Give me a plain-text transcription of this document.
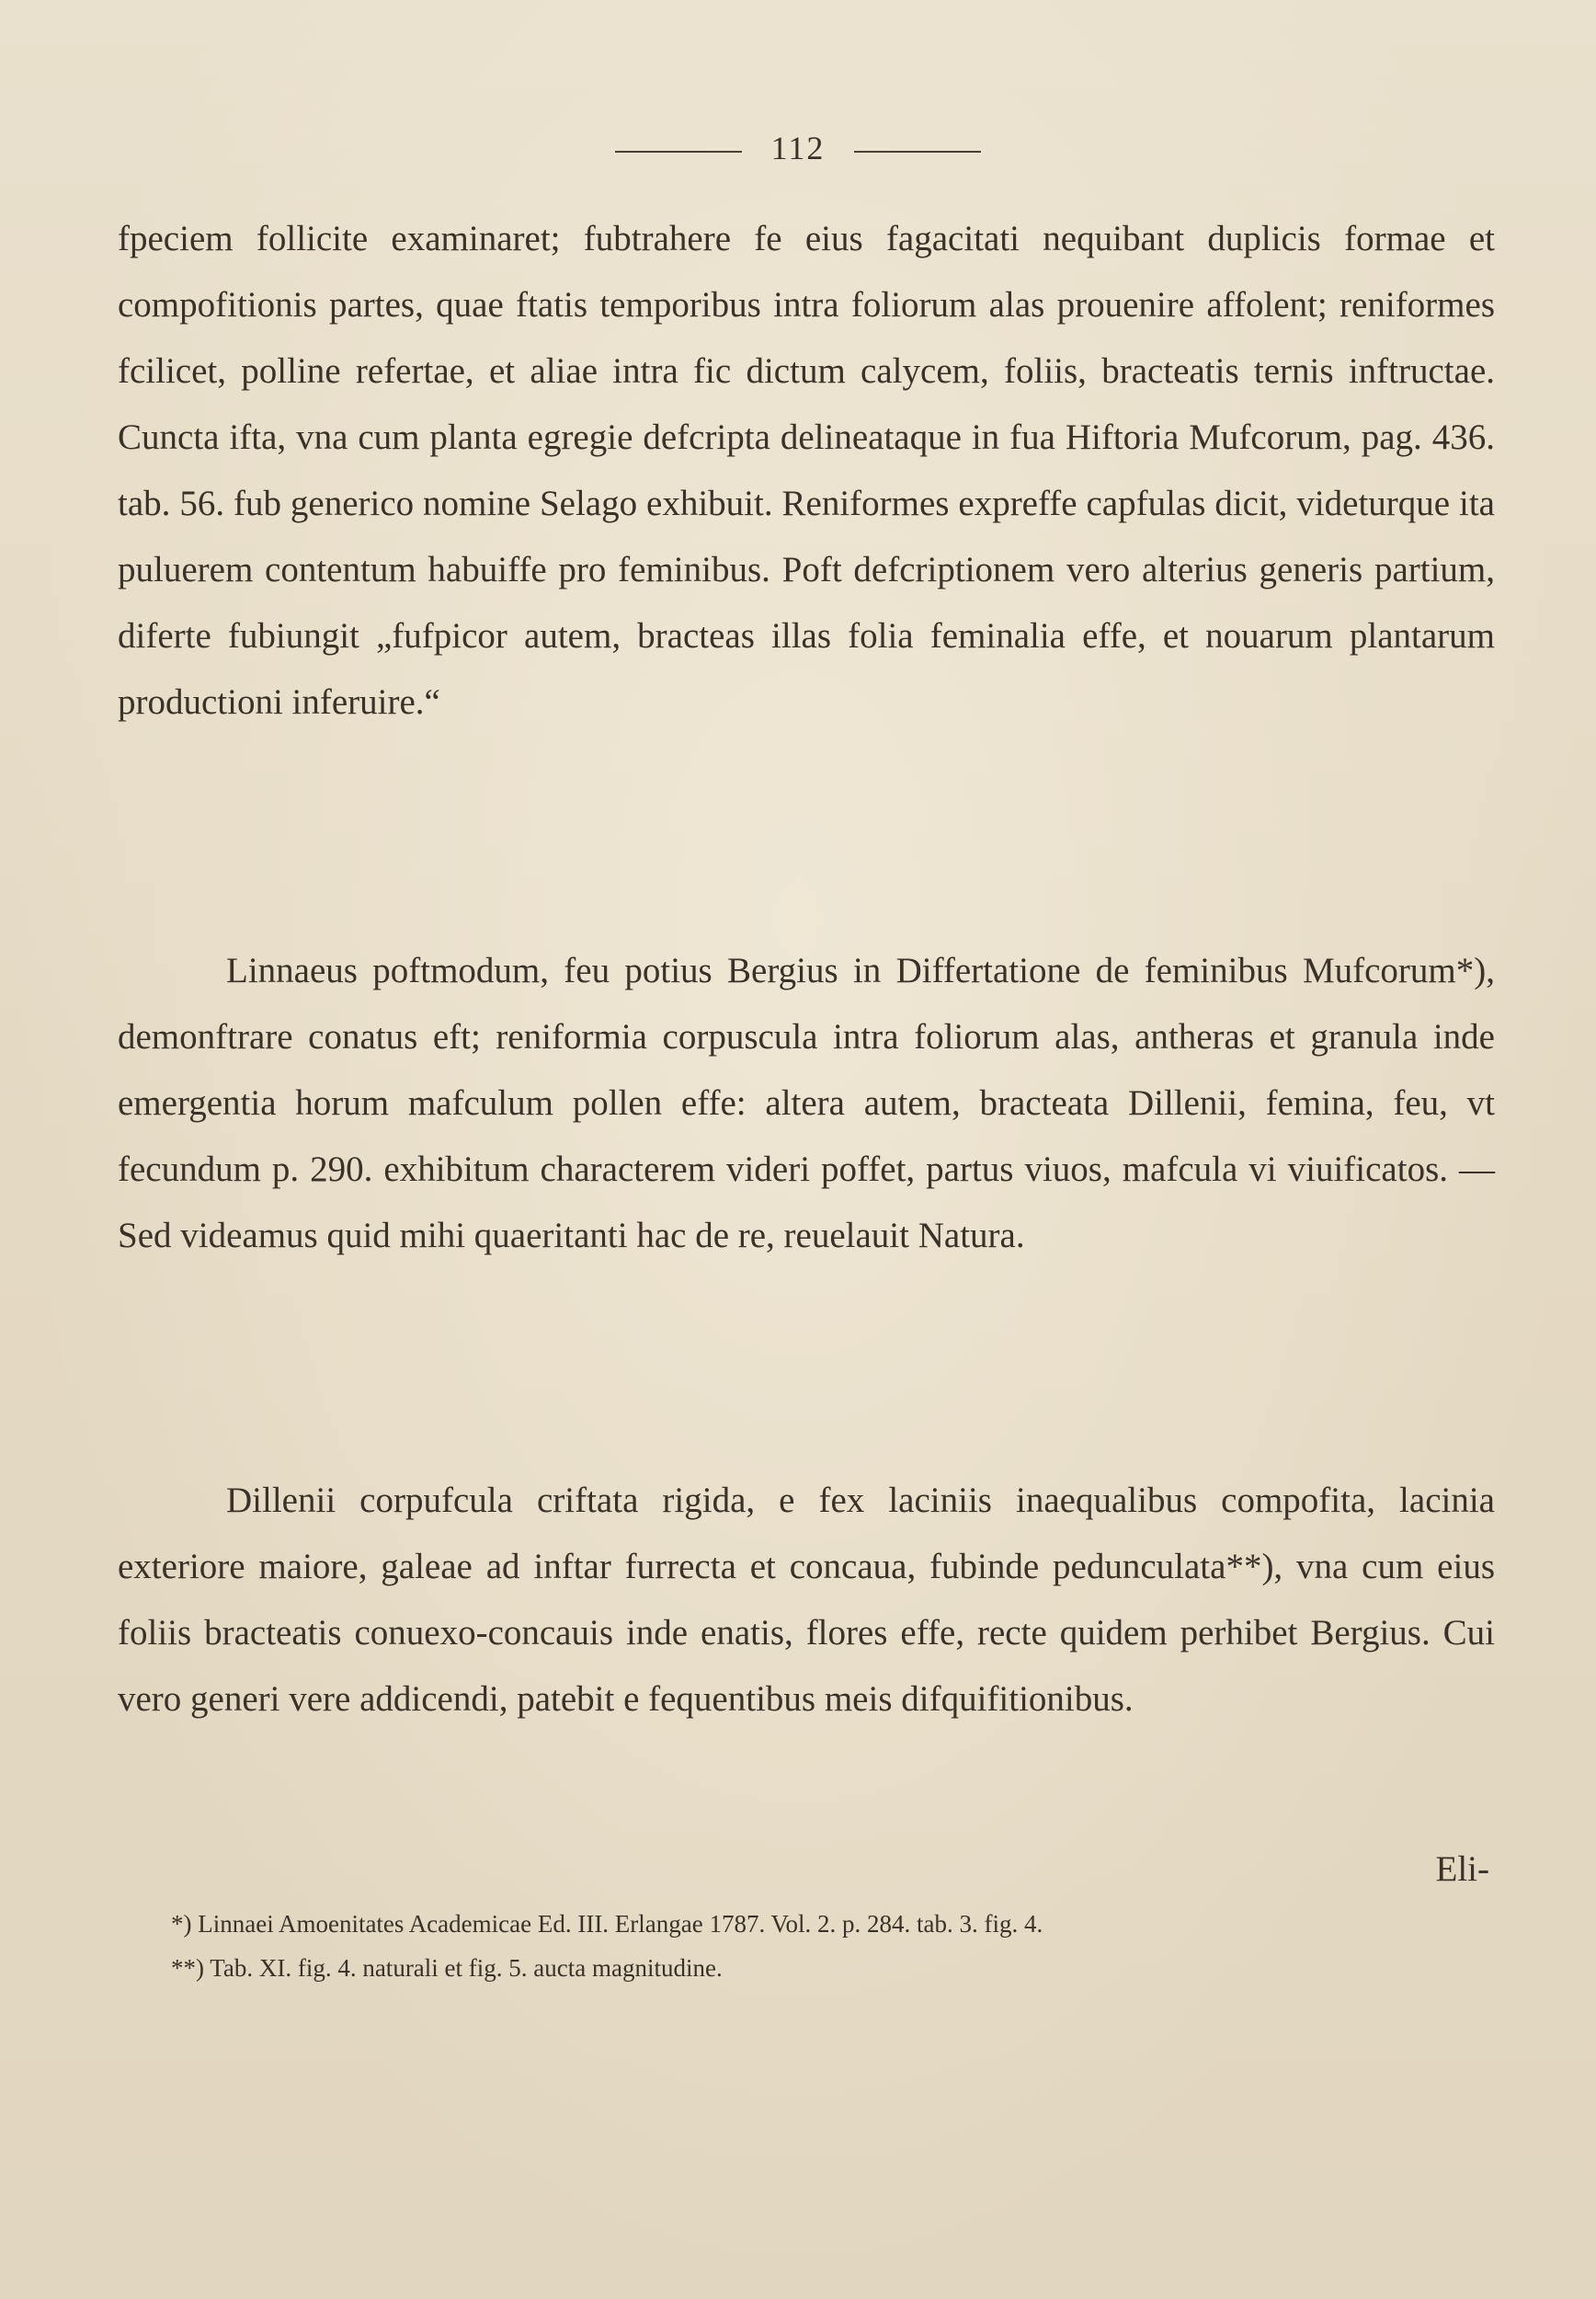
112
fpeciem follicite examinaret; fubtrahere fe eius fagacitati nequibant duplicis formae et compofitionis partes, quae ftatis temporibus intra foliorum alas prouenire affolent; reniformes fcilicet, polline refertae, et aliae intra fic dictum calycem, foliis, bracteatis ternis inftructae. Cuncta ifta, vna cum planta egregie defcripta delineataque in fua Hiftoria Mufcorum, pag. 436. tab. 56. fub generico nomine Selago exhibuit. Reniformes expreffe capfulas dicit, videturque ita puluerem contentum habuiffe pro feminibus. Poft defcriptionem vero alterius generis partium, diferte fubiungit „fufpicor autem, bracteas illas folia feminalia effe, et nouarum plantarum productioni inferuire.“
Linnaeus poftmodum, feu potius Bergius in Differtatione de feminibus Mufcorum*), demonftrare conatus eft; reniformia corpuscula intra foliorum alas, antheras et granula inde emergentia horum mafculum pollen effe: altera autem, bracteata Dillenii, femina, feu, vt fecundum p. 290. exhibitum characterem videri poffet, partus viuos, mafcula vi viuificatos. — Sed videamus quid mihi quaeritanti hac de re, reuelauit Natura.
Dillenii corpufcula criftata rigida, e fex laciniis inaequalibus compofita, lacinia exteriore maiore, galeae ad inftar furrecta et concaua, fubinde pedunculata**), vna cum eius foliis bracteatis conuexo-concauis inde enatis, flores effe, recte quidem perhibet Bergius. Cui vero generi vere addicendi, patebit e fequentibus meis difquifitionibus.
Eli-
*) Linnaei Amoenitates Academicae Ed. III. Erlangae 1787. Vol. 2. p. 284. tab. 3. fig. 4.
**) Tab. XI. fig. 4. naturali et fig. 5. aucta magnitudine.
